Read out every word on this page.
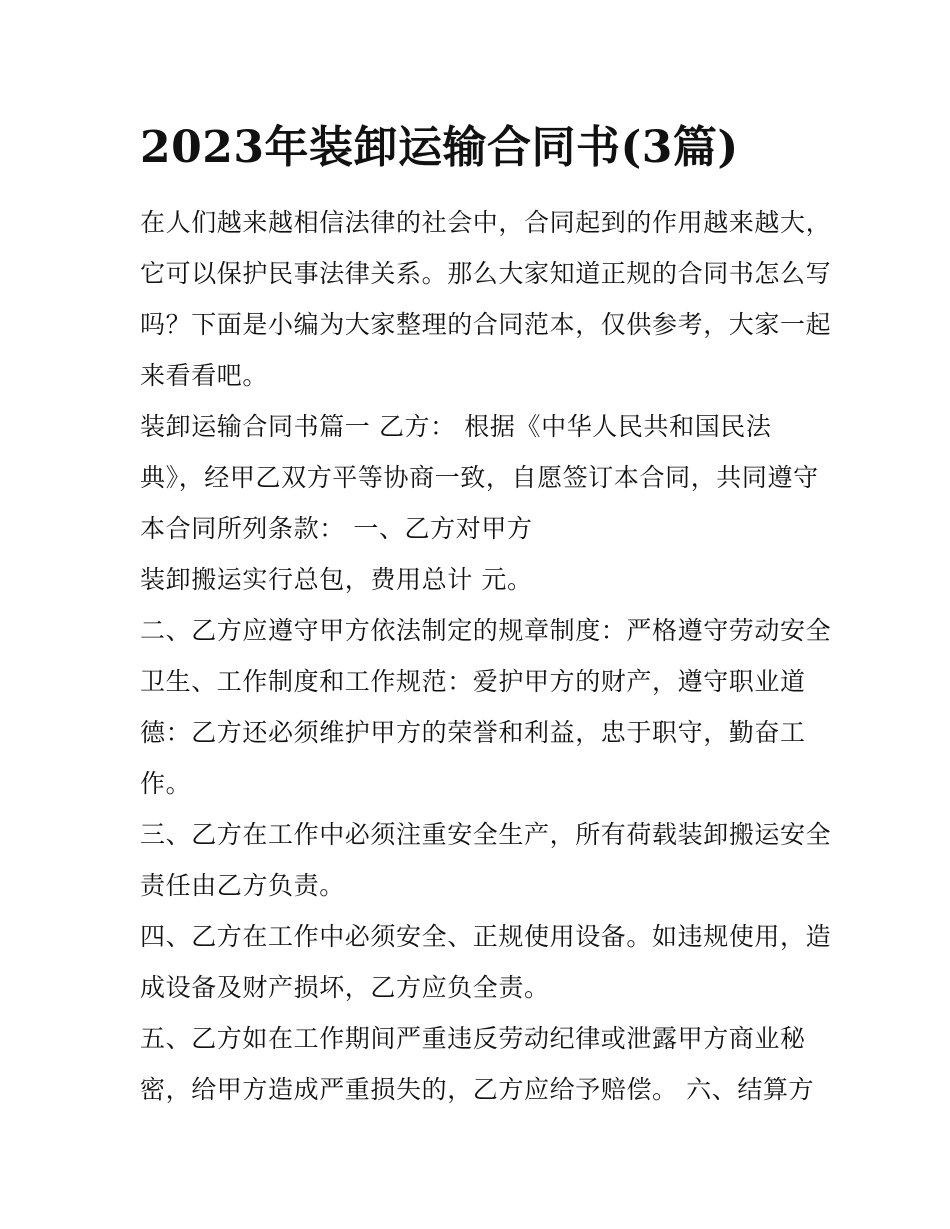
2023年装卸运输合同书(3篇)

在人们越来越相信法律的社会中，合同起到的作用越来越大，

它可以保护民事法律关系。那么大家知道正规的合同书怎么写

吗？下面是小编为大家整理的合同范本，仅供参考，大家一起

来看看吧。

装卸运输合同书篇一 乙方： 根据《中华人民共和国民法

典》，经甲乙双方平等协商一致，自愿签订本合同，共同遵守

本合同所列条款： 一、乙方对甲方

装卸搬运实行总包，费用总计 元。

二、乙方应遵守甲方依法制定的规章制度：严格遵守劳动安全

卫生、工作制度和工作规范：爱护甲方的财产，遵守职业道

德：乙方还必须维护甲方的荣誉和利益，忠于职守，勤奋工

作。

三、乙方在工作中必须注重安全生产，所有荷载装卸搬运安全

责任由乙方负责。

四、乙方在工作中必须安全、正规使用设备。如违规使用，造

成设备及财产损坏，乙方应负全责。

五、乙方如在工作期间严重违反劳动纪律或泄露甲方商业秘

密，给甲方造成严重损失的，乙方应给予赔偿。 六、结算方
